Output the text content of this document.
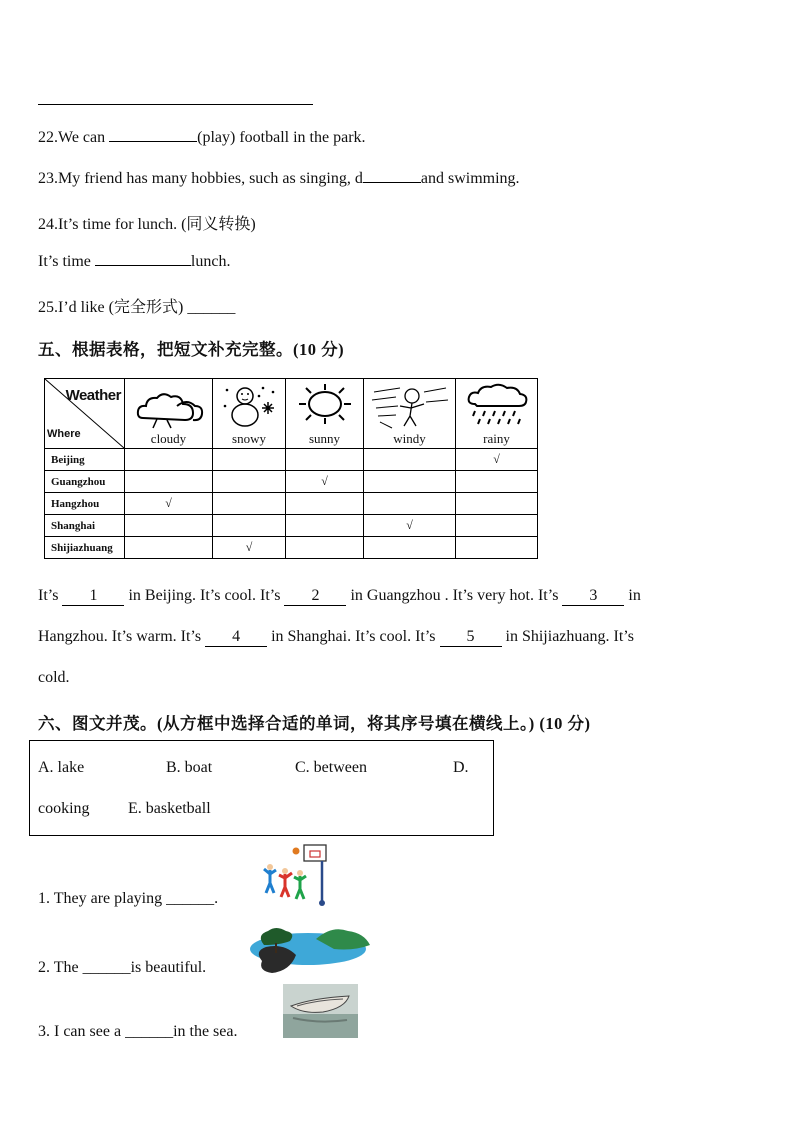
22.We can	(play) football in the park.
23.My friend has many hobbies, such as singing, d	and swimming.
24.It’s time for lunch. (同义转换)
It’s time	lunch.
25.I’d like (完全形式) ______
五、根据表格，把短文补充完整。(10 分)
Weather
Where	cloudy	snowy	sunny	windy	rainy

Beijing					√
Guangzhou			√		
Hangzhou	√				
Shanghai				√	
Shijiazhuang		√			
It’s 1 in Beijing. It’s cool. It’s 2 in Guangzhou . It’s very hot. It’s 3 in
Hangzhou. It’s warm. It’s 4 in Shanghai. It’s cool. It’s 5 in Shijiazhuang. It’s
cold.
六、图文并茂。(从方框中选择合适的单词，将其序号填在横线上。) (10 分)
A. lake	B. boat	C. between	D.
cooking E. basketball
1. They are playing ______.
2. The ______is beautiful.
3. I can see a ______in the sea.
